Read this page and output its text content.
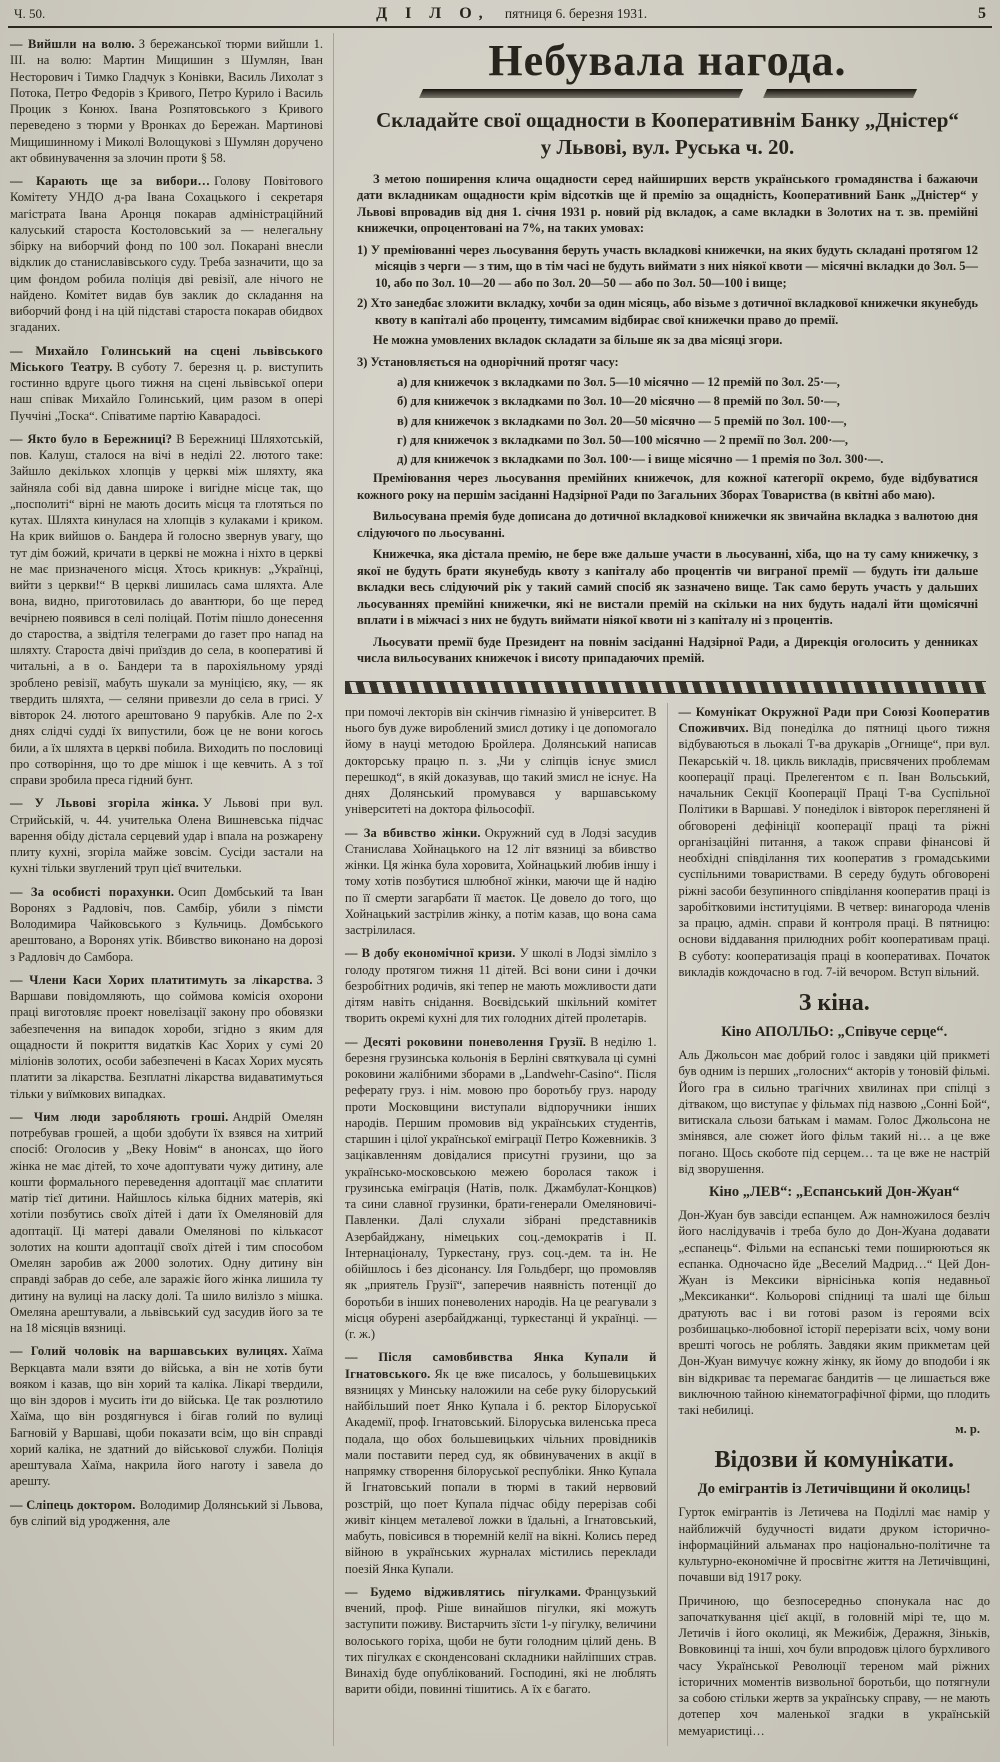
Ч. 50.	Д І Л О, пятниця 6. березня 1931.	5

— Вийшли на волю. З бережанської тюрми вийшли 1. III. на волю: Мартин Мищишин з Шумлян, Іван Несторович і Тимко Гладчук з Конівки, Василь Лихолат з Потока, Петро Федорів з Кривого, Петро Курило і Василь Процик з Конюх. Івана Розпятовського з Кривого переведено з тюрми у Вронках до Бережан. Мартинові Мищишинному і Миколі Волощукові з Шумлян доручено акт обвинувачення за злочин проти § 58.

— Карають ще за вибори… Голову Повітового Комітету УНДО д-ра Івана Сохацького і секретаря магістрата Івана Аронця покарав адміністраційний калуський староста Костоловський за — нелегальну збірку на виборчий фонд по 100 зол. Покарані внесли відклик до станиславівського суду. Треба зазначити, що за цим фондом робила поліція дві ревізії, але нічого не найдено. Комітет видав був заклик до складання на виборчий фонд і на цій підставі староста покарав обидвох згаданих.

— Михайло Голинський на сцені львівського Міського Театру. В суботу 7. березня ц. р. виступить гостинно вдруге цього тижня на сцені львівської опери наш співак Михайло Голинський, цим разом в опері Пуччіні „Тоска“. Співатиме партію Каварадосі.

— Якто було в Бережниці? В Бережниці Шляхотській, пов. Калуш, сталося на вічі в неділі 22. лютого таке: Зайшло декількох хлопців у церкві між шляхту, яка зайняла собі від давна широке і вигідне місце так, що „посполиті“ вірні не мають досить місця та глотяться по кутах. Шляхта кинулася на хлопців з кулаками і криком. На крик вийшов о. Бандера й голосно звернув увагу, що тут дім божий, кричати в церкві не можна і ніхто в церкві не має призначеного місця. Хтось крикнув: „Українці, вийти з церкви!“ В церкві лишилась сама шляхта. Але вона, видно, приготовилась до авантюри, бо ще перед вечірнею появився в селі поліцай. Потім пішло донесення до староства, а звідтіля телеграми до газет про напад на шляхту. Староста двічі приїздив до села, в кооперативі й читальні, а в о. Бандери та в парохіяльному уряді зроблено ревізії, мабуть шукали за муніцією, яку, — як твердить шляхта, — селяни привезли до села в грисі. У вівторок 24. лютого арештовано 9 парубків. Але по 2-х днях слідчі судді їх випустили, бож це не вони когось били, а їх шляхта в церкві побила. Виходить по пословиці про сотворіння, що то дре мішок і ще кевчить. А з тої справи зробила преса гідний бунт.

— У Львові згоріла жінка. У Львові при вул. Стрийській, ч. 44. учителька Олена Вишневська підчас варення обіду дістала серцевий удар і впала на розжарену плиту кухні, згоріла майже зовсім. Сусіди застали на кухні тільки звуглений труп цієї вчительки.

— За особисті порахунки. Осип Домбський та Іван Воронях з Радловіч, пов. Самбір, убили з пімсти Володимира Чайковського з Кульчиць. Домбського арештовано, а Воронях утік. Вбивство виконано на дорозі з Радловіч до Самбора.

— Члени Каси Хорих платитимуть за лікарства. З Варшави повідомляють, що соймова комісія охорони праці виготовляє проект новелізації закону про обовязки забезпечення на випадок хороби, згідно з яким для ощадности й покриття видатків Кас Хорих у сумі 20 міліонів золотих, особи забезпечені в Касах Хорих мусять платити за лікарства. Безплатні лікарства видаватимуться тільки у виїмкових випадках.

— Чим люди заробляють гроші. Андрій Омелян потребував грошей, а щоби здобути їх взявся на хитрий спосіб: Оголосив у „Веку Новім“ в анонсах, що його жінка не має дітей, то хоче адоптувати чужу дитину, але кошти формального переведення адоптації має сплатити матір тієї дитини. Найшлось кілька бідних матерів, які хотіли позбутись своїх дітей і дати їх Омеляновій для адоптації. Ці матері давали Омелянові по кількасот золотих на кошти адоптації своїх дітей і тим способом Омелян заробив аж 2000 золотих. Одну дитину він справді забрав до себе, але заражіє його жінка лишила ту дитину на вулиці на ласку долі. Та шило вилізло з мішка. Омеляна арештували, а львівський суд засудив його за те на 18 місяців вязниці.

— Голий чоловік на варшавських вулицях. Хаїма Веркцавта мали взяти до війська, а він не хотів бути вояком і казав, що він хорий та каліка. Лікарі твердили, що він здоров і мусить іти до війська. Це так розлютило Хаїма, що він роздягнувся і бігав голий по вулиці Багновій у Варшаві, щоби показати всім, що він справді хорий каліка, не здатний до військової служби. Поліція арештувала Хаїма, накрила його наготу і завела до арешту.

— Сліпець доктором. Володимир Долянський зі Львова, був сліпий від уродження, але

Небувала нагода.
Складайте свої ощадности в Кооперативнім Банку „Дністер“
у Львові, вул. Руська ч. 20.

З метою поширення клича ощадности серед найширших верств українського громадянства і бажаючи дати вкладникам ощадности крім відсотків ще й премію за ощадність, Кооперативний Банк „Дністер“ у Львові впровадив від дня 1. січня 1931 р. новий рід вкладок, а саме вкладки в Золотих на т. зв. премійні книжечки, опроцентовані на 7%, на таких умовах:

1) У преміюванні через льосування беруть участь вкладкові книжечки, на яких будуть складані протягом 12 місяців з черги — з тим, що в тім часі не будуть виймати з них ніякої квоти — місячні вкладки до Зол. 5—10, або по Зол. 10—20 — або по Зол. 20—50 — або по Зол. 50—100 і вище;

2) Хто занедбає зложити вкладку, хочби за один місяць, або візьме з дотичної вкладкової книжечки якунебудь квоту в капіталі або проценту, тимсамим відбирає свої книжечки право до премії.

Не можна умовлених вкладок складати за більше як за два місяці згори.

3) Установляється на однорічний протяг часу:

а) для книжечок з вкладками по Зол. 5—10 місячно — 12 премій по Зол. 25·—,

б) для книжечок з вкладками по Зол. 10—20 місячно — 8 премій по Зол. 50·—,

в) для книжечок з вкладками по Зол. 20—50 місячно — 5 премій по Зол. 100·—,

г) для книжечок з вкладками по Зол. 50—100 місячно — 2 премії по Зол. 200·—,

д) для книжечок з вкладками по Зол. 100·— і вище місячно — 1 премія по Зол. 300·—.

Преміювання через льосування премійних книжечок, для кожної категорії окремо, буде відбуватися кожного року на першім засіданні Надзірної Ради по Загальних Зборах Товариства (в квітні або маю).

Вильосувана премія буде дописана до дотичної вкладкової книжечки як звичайна вкладка з валютою дня слідуючого по льосуванні.

Книжечка, яка дістала премію, не бере вже дальше участи в льосуванні, хіба, що на ту саму книжечку, з якої не будуть брати якунебудь квоту з капіталу або процентів чи виграної премії — будуть іти дальше вкладки весь слідуючий рік у такий самий спосіб як зазначено вище. Так само беруть участь у дальших льосуваннях премійні книжечки, які не вистали премій на скільки на них будуть надалі йти щомісячні вплати і в міжчасі з них не будуть виймати ніякої квоти ні з капіталу ні з процентів.

Льосувати премії буде Президент на повнім засіданні Надзірної Ради, а Дирекція оголосить у денниках числа вильосуваних книжечок і висоту припадаючих премій.

при помочі лекторів він скінчив гімназію й університет. В нього був дуже вироблений змисл дотику і це допомогало йому в науці методою Бройлера. Долянський написав докторську працю п. з. „Чи у сліпців існує змисл перешкод“, в якій доказував, що такий змисл не існує. На днях Долянський промувався у варшавському університеті на доктора фільософії.

— За вбивство жінки. Окружний суд в Лодзі засудив Станислава Хойнацького на 12 літ вязниці за вбивство жінки. Ця жінка була хоровита, Хойнацький любив іншу і тому хотів позбутися шлюбної жінки, маючи ще й надію по її смерти загарбати її маєток. Це довело до того, що Хойнацький застрілив жінку, а потім казав, що вона сама застрілилася.

— В добу економічної кризи. У школі в Лодзі зімліло з голоду протягом тижня 11 дітей. Всі вони сини і дочки безробітних родичів, які тепер не мають можливости дати дітям навіть снідання. Воєвідський шкільний комітет творить окремі кухні для тих голодних дітей пролетарів.

— Десяті роковини поневолення Грузії. В неділю 1. березня грузинська кольонія в Берліні святкувала ці сумні роковини жалібними зборами в „Landwehr-Casino“. Після реферату груз. і нім. мовою про боротьбу груз. народу проти Московщини виступали відпоручники інших народів. Першим промовив від українських студентів, старшин і цілої української еміграції Петро Кожевників. З зацікавленням довідалися присутні грузини, що за українсько-московською межею боролася також і грузинська еміграція (Натів, полк. Джамбулат-Концков) та сини славної грузинки, брати-генерали Омеляновичі-Павленки. Далі слухали зібрані представників Азербайджану, німецьких соц.-демократів і II. Інтернаціоналу, Туркестану, груз. соц.-дем. та ін. Не обійшлось і без дісонансу. Іля Гольдберг, що промовляв як „приятель Грузії“, заперечив наявність потенції до боротьби в інших поневолених народів. На це реагували з місця обурені азербайджанці, туркестанці й українці. — (г. ж.)

— Після самовбивства Янка Купали й Ігнатовського. Як це вже писалось, у большевицьких вязницях у Минську наложили на себе руку білоруський найбільший поет Янко Купала і б. ректор Білоруської Академії, проф. Ігнатовський. Білоруська виленська преса подала, що обох большевицьких чільних провідників мали поставити перед суд, як обвинувачених в акції в напрямку створення білоруської республіки. Янко Купала й Ігнатовський попали в тюрмі в такий нервовий розстрій, що поет Купала підчас обіду перерізав собі живіт кінцем металевої ложки в їдальні, а Ігнатовський, мабуть, повісився в тюремній келії на вікні. Колись перед війною в українських журналах містились переклади поезій Янка Купали.

— Будемо відживлятись пігулками. Французький вчений, проф. Ріше винайшов пігулки, які можуть заступити поживу. Вистарчить зїсти 1-у пігулку, величини волоського горіха, щоби не бути голодним цілий день. В тих пігулках є сконденсовані складники найліпших страв. Винахід буде опублікований. Господині, які не люблять варити обіди, повинні тішитись. А їх є багато.

— Комунікат Окружної Ради при Союзі Кооператив Споживчих. Від понеділка до пятниці цього тижня відбуваються в льокалі Т-ва друкарів „Огнище“, при вул. Пекарській ч. 18. цикль викладів, присвячених проблемам кооперації праці. Прелегентом є п. Іван Вольський, начальник Секції Кооперації Праці Т-ва Суспільної Політики в Варшаві. У понеділок і вівторок переглянені й обговорені дефініції кооперації праці та ріжні організаційні питання, а також справи фінансові й необхідні співділання тих кооператив з громадськими суспільними товариствами. В середу будуть обговорені ріжні засоби безупинного співділання кооператив праці із заробітковими інституціями. В четвер: винагорода членів за працю, адмін. справи й контроля праці. В пятницю: основи віддавання прилюдних робіт кооперативам праці. В суботу: кооператизація праці в кооперативах. Початок викладів кождочасно в год. 7-ій вечором. Вступ вільний.

З кіна.
Кіно АПОЛЛЬО: „Співуче серце“.

Аль Джольсон має добрий голос і завдяки цій прикметі був одним із перших „голосних“ акторів у тоновій фільмі. Його гра в сильно трагічних хвилинах при спілці з дітваком, що виступає у фільмах під назвою „Сонні Бой“, витискала сльози батькам і мамам. Голос Джольсона не змінявся, але сюжет його фільм такий ні… а це вже погано. Щось скоботе під серцем… та це вже не настрій від зворушення.

Кіно „ЛЕВ“: „Еспанський Дон-Жуан“

Дон-Жуан був завсіди еспанцем. Аж намножилося безліч його наслідувачів і треба було до Дон-Жуана додавати „еспанець“. Фільми на еспанські теми поширюються як еспанка. Одночасно йде „Веселий Мадрид…“ Цей Дон-Жуан із Мексики вірнісінька копія недавньої „Мексиканки“. Кольорові спідниці та шалі ще більш дратують вас і ви готові разом із героями всіх розбишацько-любовної історії перерізати всіх, чому вони врешті чогось не роблять. Завдяки яким прикметам цей Дон-Жуан вимучує кожну жінку, як йому до вподоби і як він відкриває та перемагає бандитів — це лишається вже виключною тайною кінематографічної фірми, що плодить такі небилиці.

м. р.

Відозви й комунікати.
До емігрантів із Летичівщини й околиць!

Гурток емігрантів із Летичева на Поділлі має намір у найближчій будучності видати друком історично-інформаційний альманах про національно-політичне та культурно-економічне й просвітнє життя на Летичівщині, почавши від 1917 року.

Причиною, що безпосередньо спонукала нас до започаткування цієї акції, в головній мірі те, що м. Летичів і його околиці, як Межибіж, Деражня, Зіньків, Вовковинці та інші, хоч були впродовж цілого бурхливого часу Української Революції тереном май ріжних історичних моментів визвольної боротьби, що потягнули за собою стільки жертв за українську справу, — не мають дотепер хоч маленької згадки в українській мемуаристиці…
